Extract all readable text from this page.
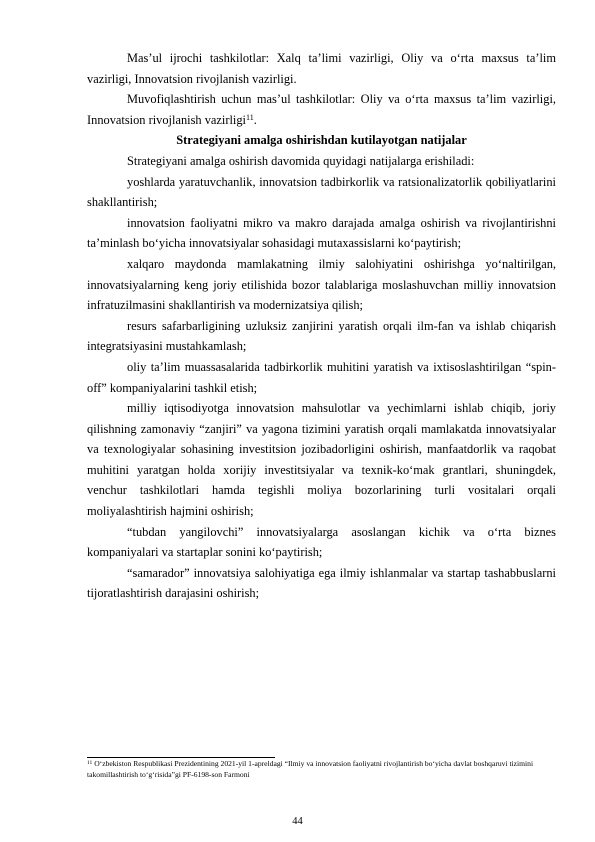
Mas’ul ijrochi tashkilotlar: Xalq ta’limi vazirligi, Oliy va o‘rta maxsus ta’lim vazirligi, Innovatsion rivojlanish vazirligi.

Muvofiqlashtirish uchun mas’ul tashkilotlar: Oliy va o‘rta maxsus ta’lim vazirligi, Innovatsion rivojlanish vazirligi$^{11}$.

Strategiyani amalga oshirishdan kutilayotgan natijalar

Strategiyani amalga oshirish davomida quyidagi natijalarga erishiladi:

yoshlarda yaratuvchanlik, innovatsion tadbirkorlik va ratsionalizatorlik qobiliyatlarini shakllantirish;

innovatsion faoliyatni mikro va makro darajada amalga oshirish va rivojlantirishni ta’minlash bo‘yicha innovatsiyalar sohasidagi mutaxassislarni ko‘paytirish;

xalqaro maydonda mamlakatning ilmiy salohiyatini oshirishga yo‘naltirilgan, innovatsiyalarning keng joriy etilishida bozor talablariga moslashuvchan milliy innovatsion infratuzilmasini shakllantirish va modernizatsiya qilish;

resurs safarbarligining uzluksiz zanjirini yaratish orqali ilm-fan va ishlab chiqarish integratsiyasini mustahkamlash;

oliy ta’lim muassasalarida tadbirkorlik muhitini yaratish va ixtisoslashtirilgan “spin-off” kompaniyalarini tashkil etish;

milliy iqtisodiyotga innovatsion mahsulotlar va yechimlarni ishlab chiqib, joriy qilishning zamonaviy “zanjiri” va yagona tizimini yaratish orqali mamlakatda innovatsiyalar va texnologiyalar sohasining investitsion jozibadorligini oshirish, manfaatdorlik va raqobat muhitini yaratgan holda xorijiy investitsiyalar va texnik-ko‘mak grantlari, shuningdek, venchur tashkilotlari hamda tegishli moliya bozorlarining turli vositalari orqali moliyalashtirish hajmini oshirish;

“tubdan yangilovchi” innovatsiyalarga asoslangan kichik va o‘rta biznes kompaniyalari va startaplar sonini ko‘paytirish;

“samarador” innovatsiya salohiyatiga ega ilmiy ishlanmalar va startap tashabbuslarni tijoratlashtirish darajasini oshirish;

$^{11}$ O‘zbekiston Respublikasi Prezidentining 2021-yil 1-apreldagi “Ilmiy va innovatsion faoliyatni rivojlantirish bo‘yicha davlat boshqaruvi tizimini takomillashtirish to‘g‘risida”gi PF-6198-son Farmoni
44
